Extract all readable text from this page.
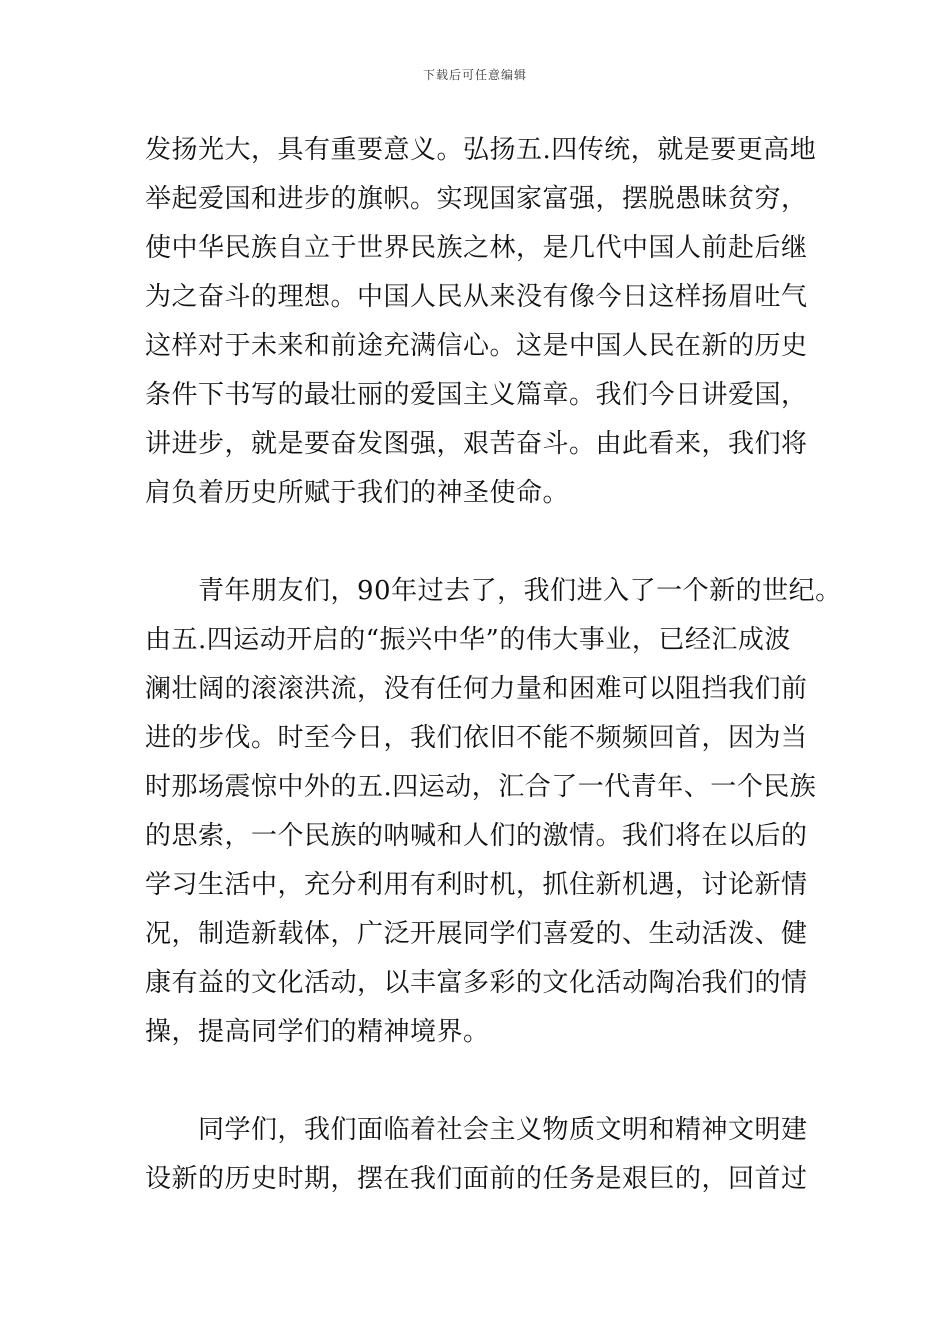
下载后可任意编辑
发扬光大，具有重要意义。弘扬五.四传统，就是要更高地
举起爱国和进步的旗帜。实现国家富强，摆脱愚昧贫穷，
使中华民族自立于世界民族之林，是几代中国人前赴后继
为之奋斗的理想。中国人民从来没有像今日这样扬眉吐气
这样对于未来和前途充满信心。这是中国人民在新的历史
条件下书写的最壮丽的爱国主义篇章。我们今日讲爱国，
讲进步，就是要奋发图强，艰苦奋斗。由此看来，我们将
肩负着历史所赋于我们的神圣使命。
　　青年朋友们，90年过去了，我们进入了一个新的世纪。
由五.四运动开启的“振兴中华”的伟大事业，已经汇成波
澜壮阔的滚滚洪流，没有任何力量和困难可以阻挡我们前
进的步伐。时至今日，我们依旧不能不频频回首，因为当
时那场震惊中外的五.四运动，汇合了一代青年、一个民族
的思索，一个民族的呐喊和人们的激情。我们将在以后的
学习生活中，充分利用有利时机，抓住新机遇，讨论新情
况，制造新载体，广泛开展同学们喜爱的、生动活泼、健
康有益的文化活动，以丰富多彩的文化活动陶冶我们的情
操，提高同学们的精神境界。
　　同学们，我们面临着社会主义物质文明和精神文明建
设新的历史时期，摆在我们面前的任务是艰巨的，回首过
